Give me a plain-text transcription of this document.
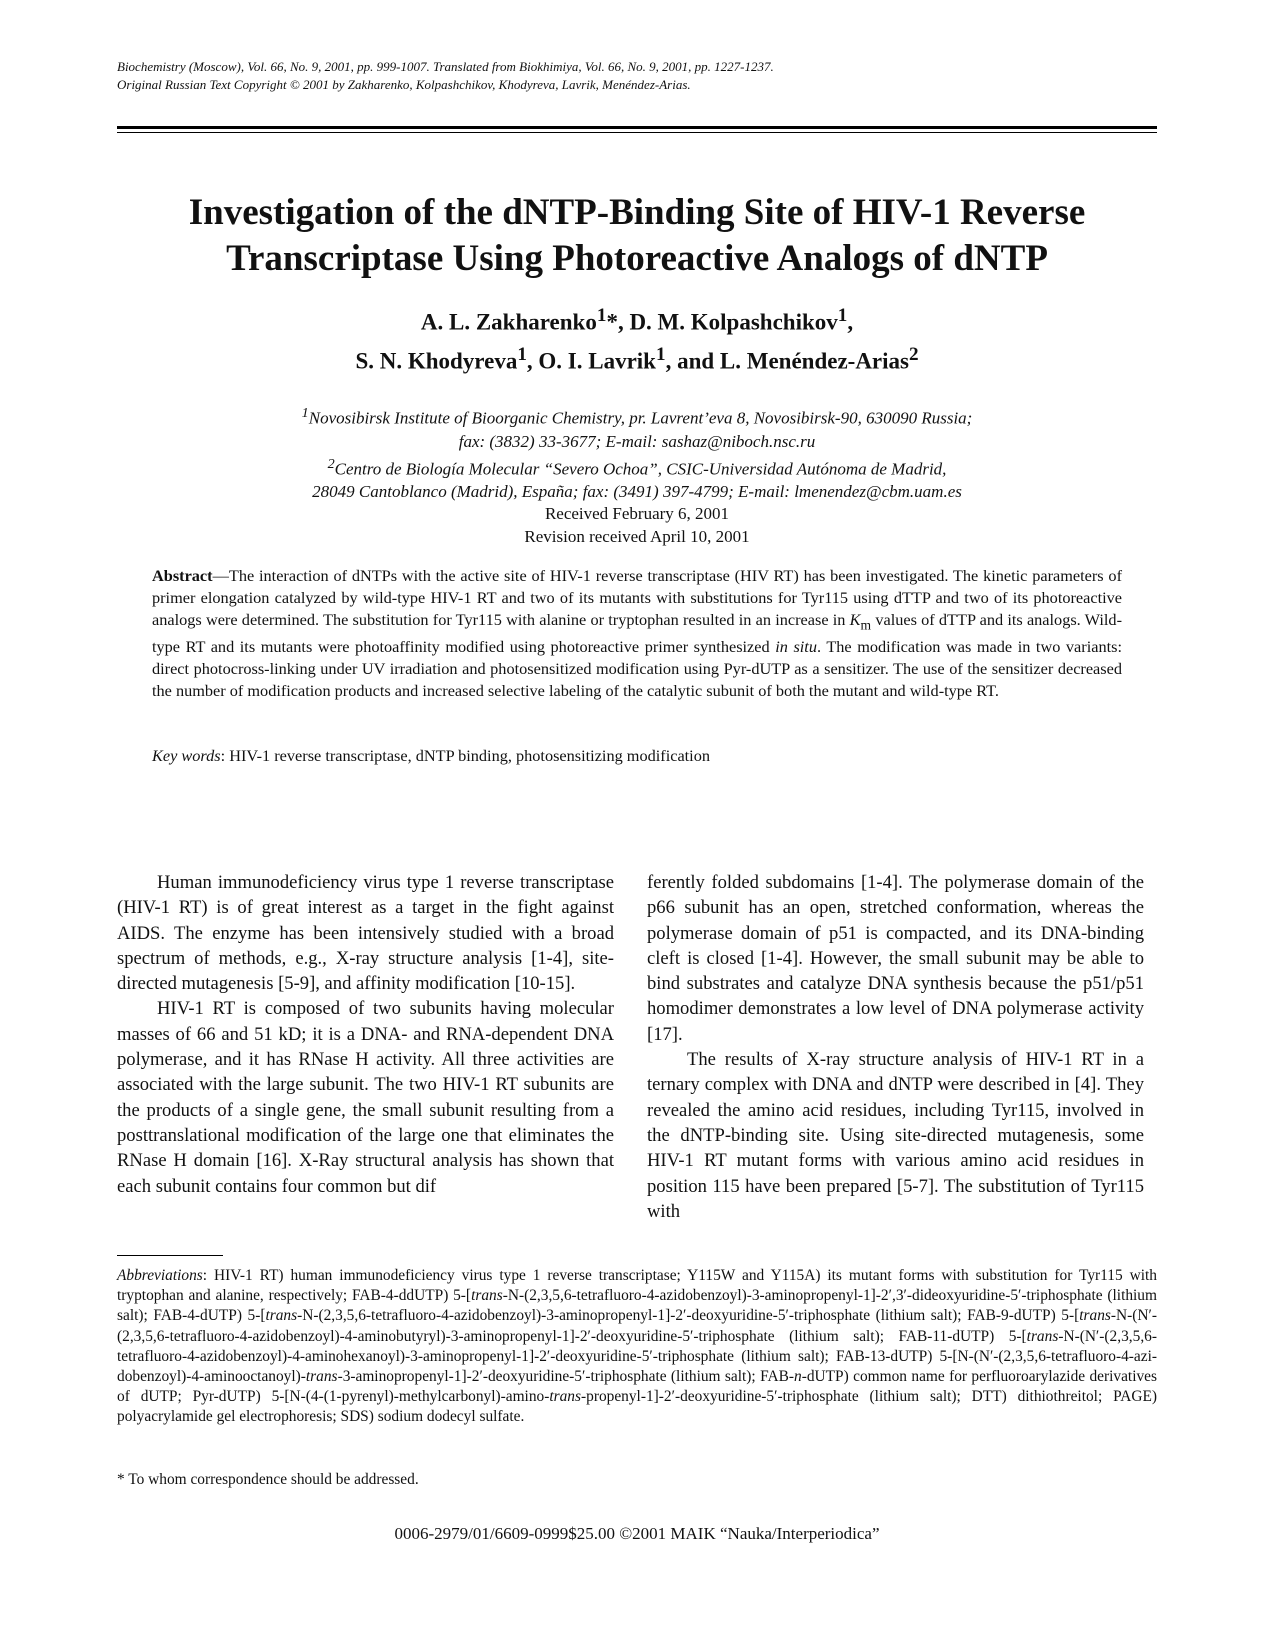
Biochemistry (Moscow), Vol. 66, No. 9, 2001, pp. 999-1007. Translated from Biokhimiya, Vol. 66, No. 9, 2001, pp. 1227-1237.
Original Russian Text Copyright © 2001 by Zakharenko, Kolpashchikov, Khodyreva, Lavrik, Menéndez-Arias.
Investigation of the dNTP-Binding Site of HIV-1 Reverse
Transcriptase Using Photoreactive Analogs of dNTP
A. L. Zakharenko$^1$*, D. M. Kolpashchikov$^1$,
S. N. Khodyreva$^1$, O. I. Lavrik$^1$, and L. Menéndez-Arias$^2$
$^1$Novosibirsk Institute of Bioorganic Chemistry, pr. Lavrent’eva 8, Novosibirsk-90, 630090 Russia;
fax: (3832) 33-3677; E-mail: sashaz@niboch.nsc.ru
$^2$Centro de Biología Molecular “Severo Ochoa”, CSIC-Universidad Autónoma de Madrid,
28049 Cantoblanco (Madrid), España; fax: (3491) 397-4799; E-mail: lmenendez@cbm.uam.es
Received February 6, 2001
Revision received April 10, 2001
Abstract—The interaction of dNTPs with the active site of HIV-1 reverse transcriptase (HIV RT) has been investigated. The kinetic parameters of primer elongation catalyzed by wild-type HIV-1 RT and two of its mutants with substitutions for Tyr115 using dTTP and two of its photoreactive analogs were determined. The substitution for Tyr115 with alanine or tryptophan resulted in an increase in $K_m$ values of dTTP and its analogs. Wild-type RT and its mutants were photoaffinity modified using photoreactive primer synthesized in situ. The modification was made in two variants: direct photocross-linking under UV irradiation and photosensitized modification using Pyr-dUTP as a sensitizer. The use of the sensitizer decreased the number of modification products and increased selective labeling of the catalytic subunit of both the mutant and wild-type RT.
Key words: HIV-1 reverse transcriptase, dNTP binding, photosensitizing modification

Human immunodeficiency virus type 1 reverse transcriptase (HIV-1 RT) is of great interest as a target in the fight against AIDS. The enzyme has been intensively studied with a broad spectrum of methods, e.g., X-ray structure analysis [1-4], site-directed mutagenesis [5-9], and affinity modification [10-15].

HIV-1 RT is composed of two subunits having molecular masses of 66 and 51 kD; it is a DNA- and RNA-dependent DNA polymerase, and it has RNase H activity. All three activities are associated with the large subunit. The two HIV-1 RT subunits are the products of a single gene, the small subunit resulting from a posttranslational modification of the large one that eliminates the RNase H domain [16]. X-Ray structural analysis has shown that each subunit contains four common but dif

ferently folded subdomains [1-4]. The polymerase domain of the p66 subunit has an open, stretched conformation, whereas the polymerase domain of p51 is compacted, and its DNA-binding cleft is closed [1-4]. However, the small subunit may be able to bind substrates and catalyze DNA synthesis because the p51/p51 homodimer demonstrates a low level of DNA polymerase activity [17].

The results of X-ray structure analysis of HIV-1 RT in a ternary complex with DNA and dNTP were described in [4]. They revealed the amino acid residues, including Tyr115, involved in the dNTP-binding site. Using site-directed mutagenesis, some HIV-1 RT mutant forms with various amino acid residues in position 115 have been prepared [5-7]. The substitution of Tyr115 with

Abbreviations: HIV-1 RT) human immunodeficiency virus type 1 reverse transcriptase; Y115W and Y115A) its mutant forms with substitution for Tyr115 with tryptophan and alanine, respectively; FAB-4-ddUTP) 5-[trans-N-(2,3,5,6-tetrafluoro-4-azidobenzoyl)-3-aminopropenyl-1]-2′,3′-dideoxyuridine-5′-triphosphate (lithium salt); FAB-4-dUTP) 5-[trans-N-(2,3,5,6-tetrafluoro-4-azidobenzoyl)-3-aminopropenyl-1]-2′-deoxyuridine-5′-triphosphate (lithium salt); FAB-9-dUTP) 5-[trans-N-(N′-(2,3,5,6-tetrafluoro-4-azidobenzoyl)-4-aminobutyryl)-3-aminopropenyl-1]-2′-deoxyuridine-5′-triphosphate (lithium salt); FAB-11-dUTP) 5-[trans-N-(N′-(2,3,5,6-tetrafluoro-4-azidobenzoyl)-4-aminohexanoyl)-3-aminopropenyl-1]-2′-deoxyuridine-5′-triphosphate (lithium salt); FAB-13-dUTP) 5-[N-(N′-(2,3,5,6-tetrafluoro-4-azidobenzoyl)-4-aminooctanoyl)-trans-3-aminopropenyl-1]-2′-deoxyuridine-5′-triphosphate (lithium salt); FAB-n-dUTP) common name for perfluoroarylazide derivatives of dUTP; Pyr-dUTP) 5-[N-(4-(1-pyrenyl)-methylcarbonyl)-amino-trans-propenyl-1]-2′-deoxyuridine-5′-triphosphate (lithium salt); DTT) dithiothreitol; PAGE) polyacrylamide gel electrophoresis; SDS) sodium dodecyl sulfate.
* To whom correspondence should be addressed.
0006-2979/01/6609-0999$25.00 ©2001 MAIK “Nauka/Interperiodica”
